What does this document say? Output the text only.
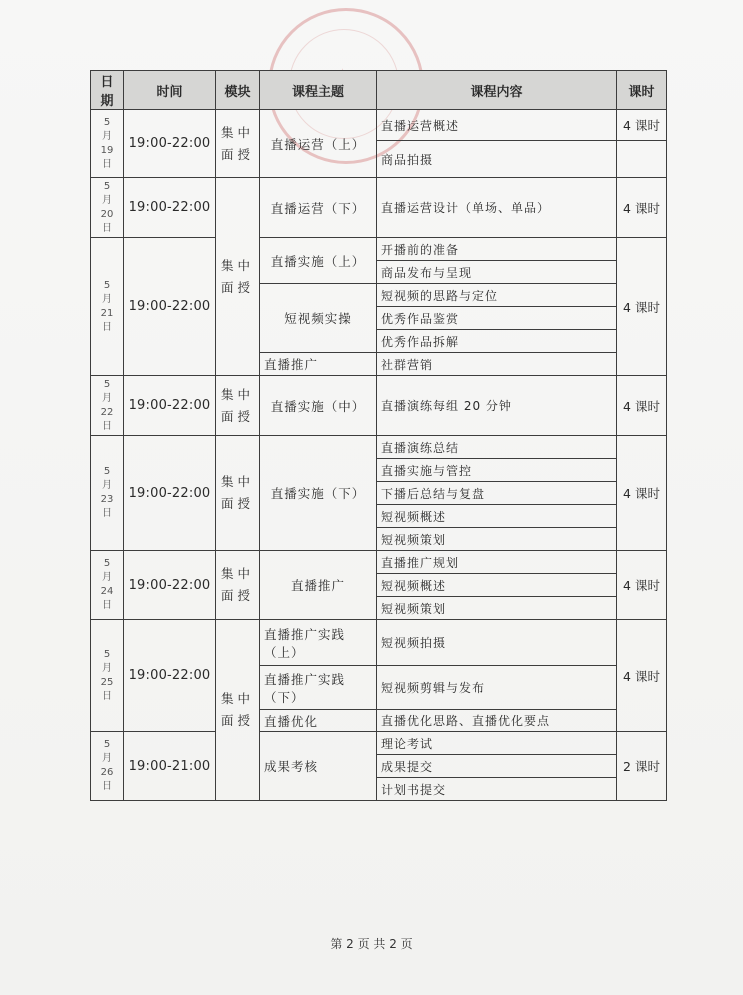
日期	时间	模块	课程主题	课程内容	课时

5
月
19
日	19:00-22:00	集中面授	直播运营（上）	直播运营概述	4 课时
				商品拍摄	

5
月
20
日	19:00-22:00	集中面授	直播运营（下）	直播运营设计（单场、单品）	4 课时

5
月
21
日	19:00-22:00		直播实施（上）	开播前的准备	4 课时
				商品发布与呈现	
			短视频实操	短视频的思路与定位	
				优秀作品鉴赏	
				优秀作品拆解	
			直播推广	社群营销	

5
月
22
日	19:00-22:00	集中面授	直播实施（中）	直播演练每组 20 分钟	4 课时

5
月
23
日	19:00-22:00	集中面授	直播实施（下）	直播演练总结	4 课时
				直播实施与管控	
				下播后总结与复盘	
				短视频概述	
				短视频策划	

5
月
24
日	19:00-22:00	集中面授	直播推广	直播推广规划	4 课时
				短视频概述	
				短视频策划	

5
月
25
日	19:00-22:00	集中面授	直播推广实践（上）	短视频拍摄	4 课时
			直播推广实践（下）	短视频剪辑与发布	
			直播优化	直播优化思路、直播优化要点	

5
月
26
日	19:00-21:00		成果考核	理论考试	2 课时
				成果提交	
				计划书提交	
第 2 页 共 2 页
